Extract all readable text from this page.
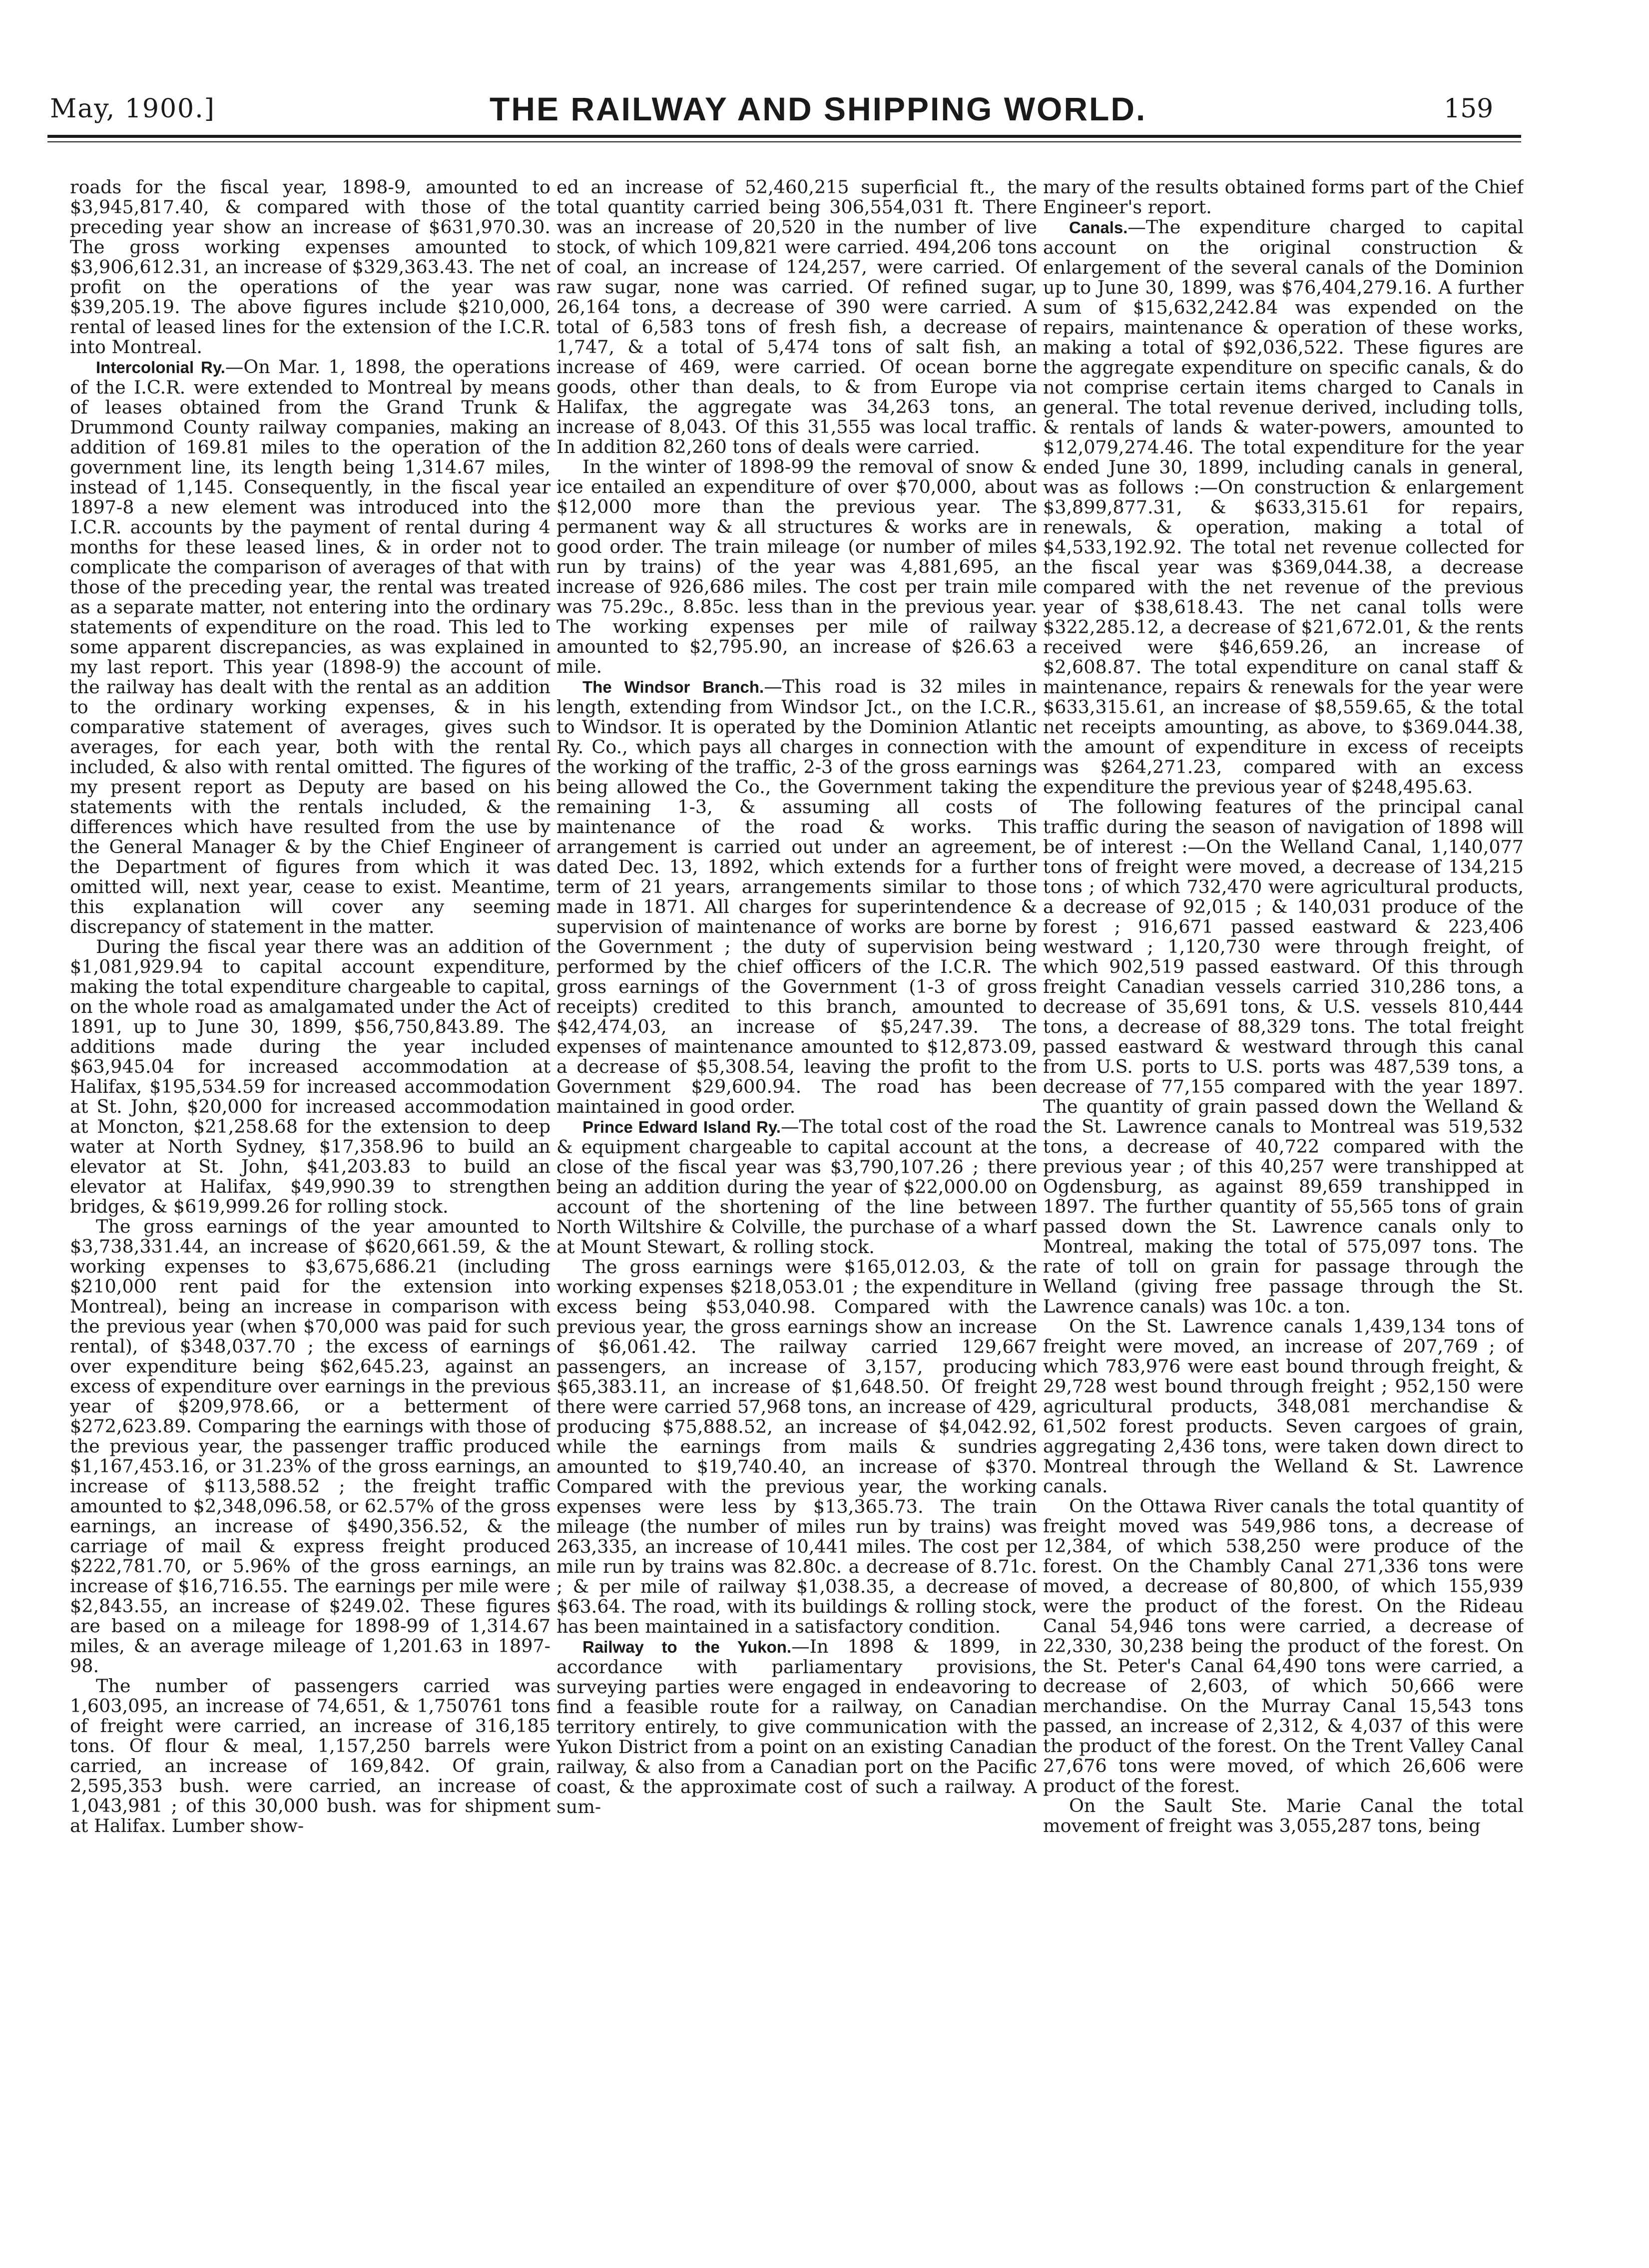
May, 1900.]	THE RAILWAY AND SHIPPING WORLD.	159

roads for the fiscal year, 1898-9, amounted to $3,945,817.40, & compared with those of the preceding year show an increase of $631,970.30. The gross working expenses amounted to $3,906,612.31, an increase of $329,363.43. The net profit on the operations of the year was $39,205.19. The above figures include $210,000, rental of leased lines for the extension of the I.C.R. into Montreal.

Intercolonial Ry.—On Mar. 1, 1898, the operations of the I.C.R. were extended to Montreal by means of leases obtained from the Grand Trunk & Drummond County railway companies, making an addition of 169.81 miles to the operation of the government line, its length being 1,314.67 miles, instead of 1,145. Consequently, in the fiscal year 1897-8 a new element was introduced into the I.C.R. accounts by the payment of rental during 4 months for these leased lines, & in order not to complicate the comparison of averages of that with those of the preceding year, the rental was treated as a separate matter, not entering into the ordinary statements of expenditure on the road. This led to some apparent discrepancies, as was explained in my last report. This year (1898-9) the account of the railway has dealt with the rental as an addition to the ordinary working expenses, & in his comparative statement of averages, gives such averages, for each year, both with the rental included, & also with rental omitted. The figures of my present report as Deputy are based on his statements with the rentals included, & the differences which have resulted from the use by the General Manager & by the Chief Engineer of the Department of figures from which it was omitted will, next year, cease to exist. Meantime, this explanation will cover any seeming discrepancy of statement in the matter.

During the fiscal year there was an addition of $1,081,929.94 to capital account expenditure, making the total expenditure chargeable to capital, on the whole road as amalgamated under the Act of 1891, up to June 30, 1899, $56,750,843.89. The additions made during the year included $63,945.04 for increased accommodation at Halifax, $195,534.59 for increased accommodation at St. John, $20,000 for increased accommodation at Moncton, $21,258.68 for the extension to deep water at North Sydney, $17,358.96 to build an elevator at St. John, $41,203.83 to build an elevator at Halifax, $49,990.39 to strengthen bridges, & $619,999.26 for rolling stock.

The gross earnings of the year amounted to $3,738,331.44, an increase of $620,661.59, & the working expenses to $3,675,686.21 (including $210,000 rent paid for the extension into Montreal), being an increase in comparison with the previous year (when $70,000 was paid for such rental), of $348,037.70 ; the excess of earnings over expenditure being $62,645.23, against an excess of expenditure over earnings in the previous year of $209,978.66, or a betterment of $272,623.89. Comparing the earnings with those of the previous year, the passenger traffic produced $1,167,453.16, or 31.23% of the gross earnings, an increase of $113,588.52 ; the freight traffic amounted to $2,348,096.58, or 62.57% of the gross earnings, an increase of $490,356.52, & the carriage of mail & express freight produced $222,781.70, or 5.96% of the gross earnings, an increase of $16,716.55. The earnings per mile were $2,843.55, an increase of $249.02. These figures are based on a mileage for 1898-99 of 1,314.67 miles, & an average mileage of 1,201.63 in 1897-98.

The number of passengers carried was 1,603,095, an increase of 74,651, & 1,750761 tons of freight were carried, an increase of 316,185 tons. Of flour & meal, 1,157,250 barrels were carried, an increase of 169,842. Of grain, 2,595,353 bush. were carried, an increase of 1,043,981 ; of this 30,000 bush. was for shipment at Halifax. Lumber show-

ed an increase of 52,460,215 superficial ft., the total quantity carried being 306,554,031 ft. There was an increase of 20,520 in the number of live stock, of which 109,821 were carried. 494,206 tons of coal, an increase of 124,257, were carried. Of raw sugar, none was carried. Of refined sugar, 26,164 tons, a decrease of 390 were carried. A total of 6,583 tons of fresh fish, a decrease of 1,747, & a total of 5,474 tons of salt fish, an increase of 469, were carried. Of ocean borne goods, other than deals, to & from Europe via Halifax, the aggregate was 34,263 tons, an increase of 8,043. Of this 31,555 was local traffic. In addition 82,260 tons of deals were carried.

In the winter of 1898-99 the removal of snow & ice entailed an expenditure of over $70,000, about $12,000 more than the previous year. The permanent way & all structures & works are in good order. The train mileage (or number of miles run by trains) of the year was 4,881,695, an increase of 926,686 miles. The cost per train mile was 75.29c., 8.85c. less than in the previous year. The working expenses per mile of railway amounted to $2,795.90, an increase of $26.63 a mile.

The Windsor Branch.—This road is 32 miles in length, extending from Windsor Jct., on the I.C.R., to Windsor. It is operated by the Dominion Atlantic Ry. Co., which pays all charges in connection with the working of the traffic, 2-3 of the gross earnings being allowed the Co., the Government taking the remaining 1-3, & assuming all costs of maintenance of the road & works. This arrangement is carried out under an agreement, dated Dec. 13, 1892, which extends for a further term of 21 years, arrangements similar to those made in 1871. All charges for superintendence & supervision of maintenance of works are borne by the Government ; the duty of supervision being performed by the chief officers of the I.C.R. The gross earnings of the Government (1-3 of gross receipts) credited to this branch, amounted to $42,474,03, an increase of $5,247.39. The expenses of maintenance amounted to $12,873.09, a decrease of $5,308.54, leaving the profit to the Government $29,600.94. The road has been maintained in good order.

Prince Edward Island Ry.—The total cost of the road & equipment chargeable to capital account at the close of the fiscal year was $3,790,107.26 ; there being an addition during the year of $22,000.00 on account of the shortening of the line between North Wiltshire & Colville, the purchase of a wharf at Mount Stewart, & rolling stock.

The gross earnings were $165,012.03, & the working expenses $218,053.01 ; the expenditure in excess being $53,040.98. Compared with the previous year, the gross earnings show an increase of $6,061.42. The railway carried 129,667 passengers, an increase of 3,157, producing $65,383.11, an increase of $1,648.50. Of freight there were carried 57,968 tons, an increase of 429, producing $75,888.52, an increase of $4,042.92, while the earnings from mails & sundries amounted to $19,740.40, an increase of $370. Compared with the previous year, the working expenses were less by $13,365.73. The train mileage (the number of miles run by trains) was 263,335, an increase of 10,441 miles. The cost per mile run by trains was 82.80c. a decrease of 8.71c. ; & per mile of railway $1,038.35, a decrease of $63.64. The road, with its buildings & rolling stock, has been maintained in a satisfactory condition.

Railway to the Yukon.—In 1898 & 1899, in accordance with parliamentary provisions, surveying parties were engaged in endeavoring to find a feasible route for a railway, on Canadian territory entirely, to give communication with the Yukon District from a point on an existing Canadian railway, & also from a Canadian port on the Pacific coast, & the approximate cost of such a railway. A sum-

mary of the results obtained forms part of the Chief Engineer's report.

Canals.—The expenditure charged to capital account on the original construction & enlargement of the several canals of the Dominion up to June 30, 1899, was $76,404,279.16. A further sum of $15,632,242.84 was expended on the repairs, maintenance & operation of these works, making a total of $92,036,522. These figures are the aggregate expenditure on specific canals, & do not comprise certain items charged to Canals in general. The total revenue derived, including tolls, & rentals of lands & water-powers, amounted to $12,079,274.46. The total expenditure for the year ended June 30, 1899, including canals in general, was as follows :—On construction & enlargement $3,899,877.31, & $633,315.61 for repairs, renewals, & operation, making a total of $4,533,192.92. The total net revenue collected for the fiscal year was $369,044.38, a decrease compared with the net revenue of the previous year of $38,618.43. The net canal tolls were $322,285.12, a decrease of $21,672.01, & the rents received were $46,659.26, an increase of $2,608.87. The total expenditure on canal staff & maintenance, repairs & renewals for the year were $633,315.61, an increase of $8,559.65, & the total net receipts amounting, as above, to $369.044.38, the amount of expenditure in excess of receipts was $264,271.23, compared with an excess expenditure the previous year of $248,495.63.

The following features of the principal canal traffic during the season of navigation of 1898 will be of interest :—On the Welland Canal, 1,140,077 tons of freight were moved, a decrease of 134,215 tons ; of which 732,470 were agricultural products, a decrease of 92,015 ; & 140,031 produce of the forest ; 916,671 passed eastward & 223,406 westward ; 1,120,730 were through freight, of which 902,519 passed eastward. Of this through freight Canadian vessels carried 310,286 tons, a decrease of 35,691 tons, & U.S. vessels 810,444 tons, a decrease of 88,329 tons. The total freight passed eastward & westward through this canal from U.S. ports to U.S. ports was 487,539 tons, a decrease of 77,155 compared with the year 1897. The quantity of grain passed down the Welland & the St. Lawrence canals to Montreal was 519,532 tons, a decrease of 40,722 compared with the previous year ; of this 40,257 were transhipped at Ogdensburg, as against 89,659 transhipped in 1897. The further quantity of 55,565 tons of grain passed down the St. Lawrence canals only to Montreal, making the total of 575,097 tons. The rate of toll on grain for passage through the Welland (giving free passage through the St. Lawrence canals) was 10c. a ton.

On the St. Lawrence canals 1,439,134 tons of freight were moved, an increase of 207,769 ; of which 783,976 were east bound through freight, & 29,728 west bound through freight ; 952,150 were agricultural products, 348,081 merchandise & 61,502 forest products. Seven cargoes of grain, aggregating 2,436 tons, were taken down direct to Montreal through the Welland & St. Lawrence canals.

On the Ottawa River canals the total quantity of freight moved was 549,986 tons, a decrease of 12,384, of which 538,250 were produce of the forest. On the Chambly Canal 271,336 tons were moved, a decrease of 80,800, of which 155,939 were the product of the forest. On the Rideau Canal 54,946 tons were carried, a decrease of 22,330, 30,238 being the product of the forest. On the St. Peter's Canal 64,490 tons were carried, a decrease of 2,603, of which 50,666 were merchandise. On the Murray Canal 15,543 tons passed, an increase of 2,312, & 4,037 of this were the product of the forest. On the Trent Valley Canal 27,676 tons were moved, of which 26,606 were product of the forest.

On the Sault Ste. Marie Canal the total movement of freight was 3,055,287 tons, being
